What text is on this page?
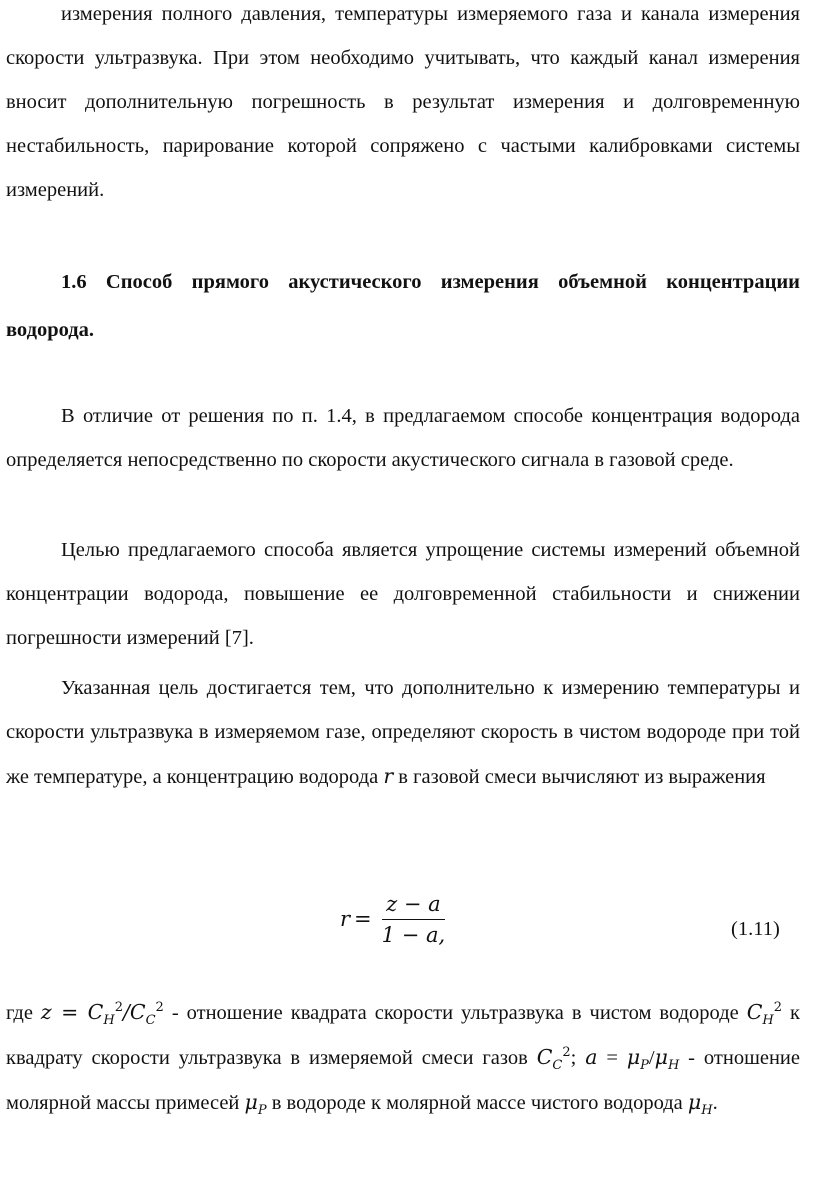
измерения полного давления, температуры измеряемого газа и канала измерения скорости ультразвука. При этом необходимо учитывать, что каждый канал измерения вносит дополнительную погрешность в результат измерения и долговременную нестабильность, парирование которой сопряжено с частыми калибровками системы измерений.

1.6 Способ прямого акустического измерения объемной концентрации водорода.

В отличие от решения по п. 1.4, в предлагаемом способе концентрация водорода определяется непосредственно по скорости акустического сигнала в газовой среде.

Целью предлагаемого способа является упрощение системы измерений объемной концентрации водорода, повышение ее долговременной стабильности и снижении погрешности измерений [7].

Указанная цель достигается тем, что дополнительно к измерению температуры и скорости ультразвука в измеряемом газе, определяют скорость в чистом водороде при той же температуре, а концентрацию водорода r в газовой смеси вычисляют из выражения

$r = \frac{z - a}{1 - a,}$	(1.11)

где $z = C_H^2/C_C^2$ - отношение квадрата скорости ультразвука в чистом водороде $C_H^2$ к квадрату скорости ультразвука в измеряемой смеси газов $C_C^2$; $a = \mu_P/\mu_H$ - отношение молярной массы примесей $\mu_P$ в водороде к молярной массе чистого водорода $\mu_H$.
